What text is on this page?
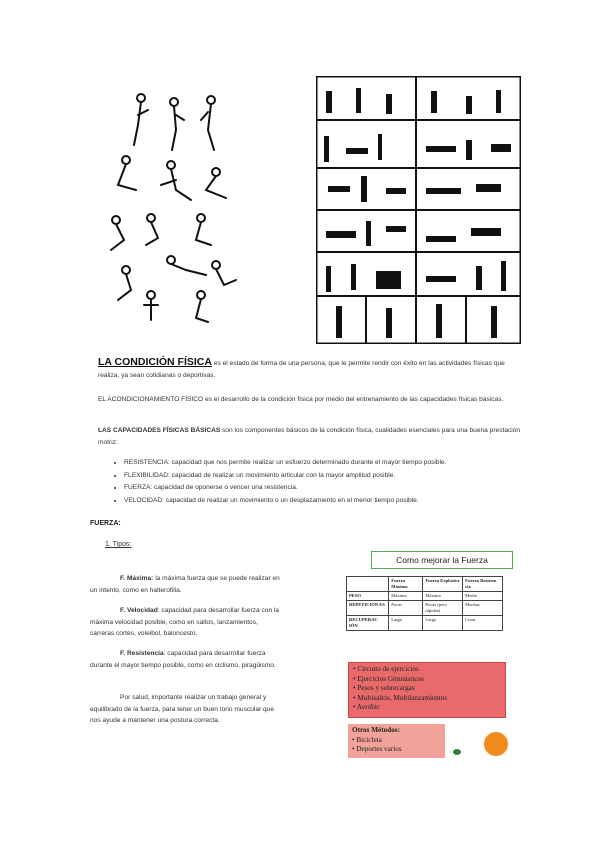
LA CONDICIÓN FÍSICA es el estado de forma de una persona, que le permite rendir con éxito en las actividades físicas que realiza, ya sean cotidianas o deportivas.
EL ACONDICIONAMIENTO FÍSICO es el desarrollo de la condición física por medio del entrenamiento de las capacidades físicas básicas.
LAS CAPACIDADES FÍSICAS BÁSICAS son los componentes básicos de la condición física, cualidades esenciales para una buena prestación motriz:
• RESISTENCIA: capacidad que nos permite realizar un esfuerzo determinado durante el mayor tiempo posible.
• FLEXIBILIDAD: capacidad de realizar un movimiento articular con la mayor amplitud posible.
• FUERZA: capacidad de oponerse o vencer una resistencia.
• VELOCIDAD: capacidad de realizar un movimiento o un desplazamiento en el menor tiempo posible.
FUERZA:
1. Tipos:
F. Máxima: la máxima fuerza que se puede realizar en un intento, como en halterofilia.
F. Velocidad: capacidad para desarrollar fuerza con la máxima velocidad posible, como en saltos, lanzamientos, carreras cortes, voleibol, baloncesto.
F. Resistencia: capacidad para desarrollar fuerza durante el mayor tiempo posible, como en ciclismo, piragüismo.
Por salud, importante realizar un trabajo general y equilibrado de la fuerza, para tener un buen tono muscular que nos ayude a mantener una postura correcta.
Como mejorar la Fuerza
	Fuerza Máxima	Fuerza Explosiva	Fuerza Resisten cia
PESO	Máximo	Máximo	Medio
REPETICION ES	Pocas	Pocas (pero rápidas)	Muchas
RECUPERAC IÓN	Larga	Larga	Corta
• Circuito de ejercicios
• Ejercicios Gimnásticos
• Pesos y sobrecargas
• Multisaltos, Multilanzamientos
• Aeróbic
Otros Métodos:
• Bicicleta
• Deportes varios
